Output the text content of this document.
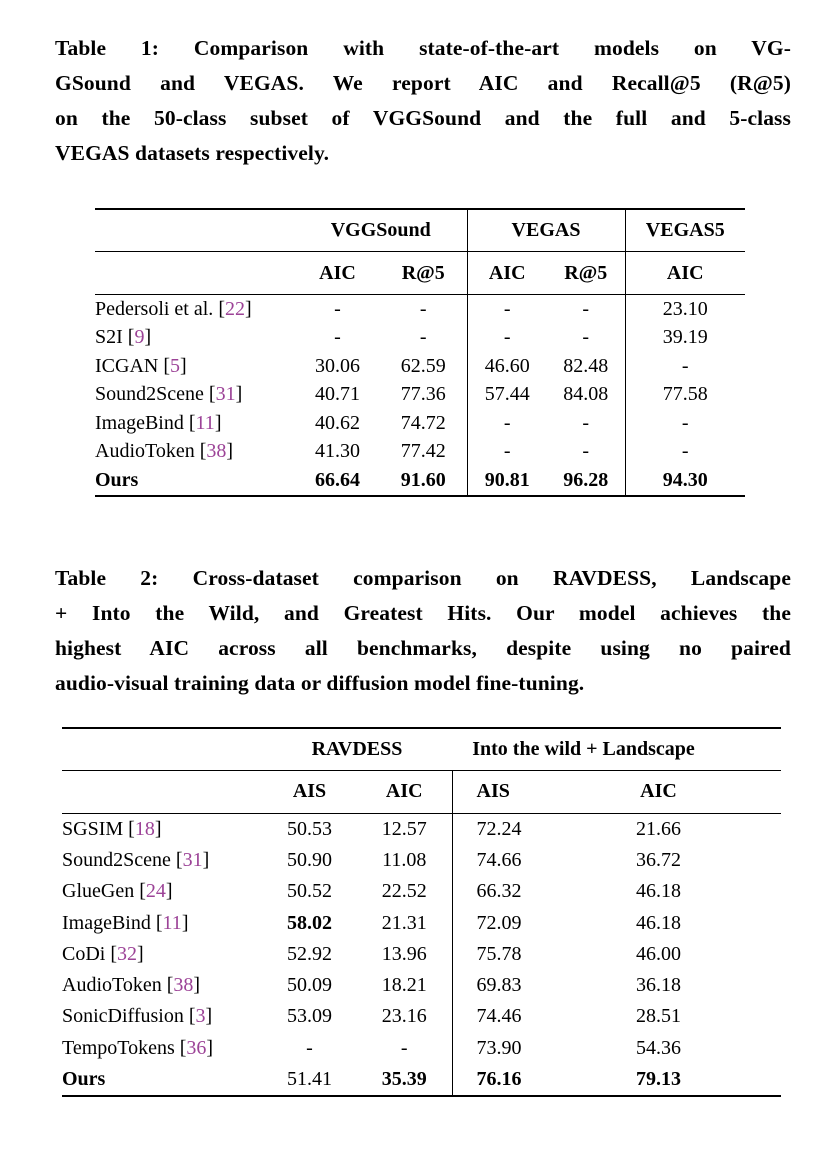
Table 1: Comparison with state-of-the-art models on VG-
GSound and VEGAS. We report AIC and Recall@5 (R@5)
on the 50-class subset of VGGSound and the full and 5-class
VEGAS datasets respectively.
	VGGSound		VEGAS		VEGAS5
	AIC	R@5	AIC	R@5	AIC
Pedersoli et al. [22]	-	-	-	-	23.10
S2I [9]	-	-	-	-	39.19
ICGAN [5]	30.06	62.59	46.60	82.48	-
Sound2Scene [31]	40.71	77.36	57.44	84.08	77.58
ImageBind [11]	40.62	74.72	-	-	-
AudioToken [38]	41.30	77.42	-	-	-
Ours	66.64	91.60	90.81	96.28	94.30
Table 2: Cross-dataset comparison on RAVDESS, Landscape
+ Into the Wild, and Greatest Hits. Our model achieves the
highest AIC across all benchmarks, despite using no paired
audio-visual training data or diffusion model fine-tuning.
	RAVDESS		Into the wild + Landscape	
	AIS	AIC	AIS	AIC
SGSIM [18]	50.53	12.57	72.24	21.66
Sound2Scene [31]	50.90	11.08	74.66	36.72
GlueGen [24]	50.52	22.52	66.32	46.18
ImageBind [11]	58.02	21.31	72.09	46.18
CoDi [32]	52.92	13.96	75.78	46.00
AudioToken [38]	50.09	18.21	69.83	36.18
SonicDiffusion [3]	53.09	23.16	74.46	28.51
TempoTokens [36]	-	-	73.90	54.36
Ours	51.41	35.39	76.16	79.13
